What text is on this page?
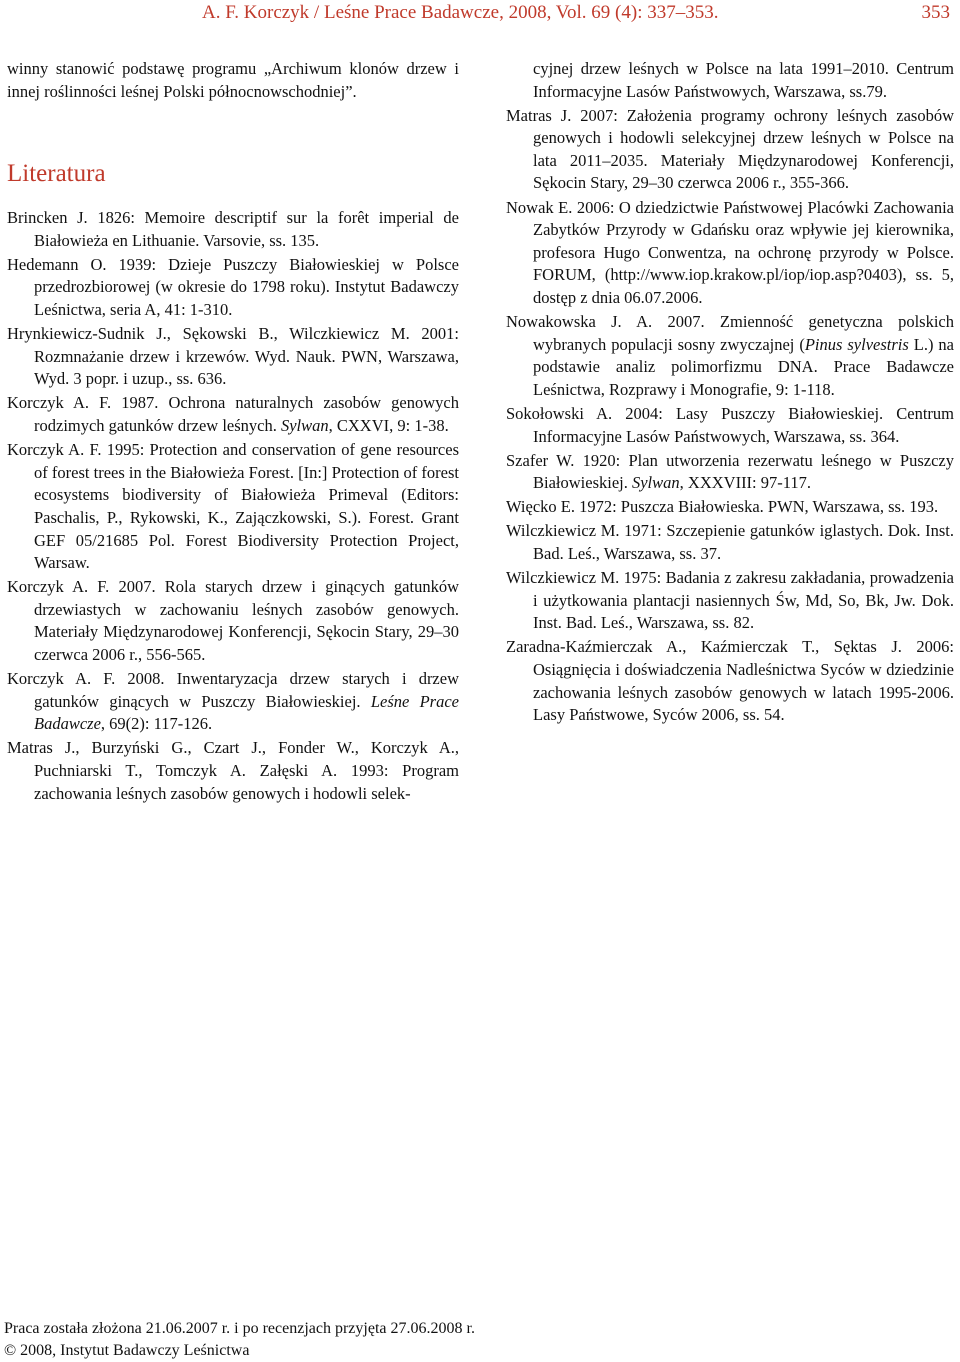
A. F. Korczyk / Leśne Prace Badawcze, 2008, Vol. 69 (4): 337–353.	353

winny stanowić podstawę programu „Archiwum klonów drzew i innej roślinności leśnej Polski północnowschodniej”.

Literatura

Brincken J. 1826: Memoire descriptif sur la forêt imperial de Białowieża en Lithuanie. Varsovie, ss. 135.

Hedemann O. 1939: Dzieje Puszczy Białowieskiej w Polsce przedrozbiorowej (w okresie do 1798 roku). Instytut Badawczy Leśnictwa, seria A, 41: 1-310.

Hrynkiewicz-Sudnik J., Sękowski B., Wilczkiewicz M. 2001: Rozmnażanie drzew i krzewów. Wyd. Nauk. PWN, Warszawa, Wyd. 3 popr. i uzup., ss. 636.

Korczyk A. F. 1987. Ochrona naturalnych zasobów genowych rodzimych gatunków drzew leśnych. Sylwan, CXXVI, 9: 1-38.

Korczyk A. F. 1995: Protection and conservation of gene resources of forest trees in the Białowieża Forest. [In:] Protection of forest ecosystems biodiversity of Białowieża Primeval (Editors: Paschalis, P., Rykowski, K., Zajączkowski, S.). Forest. Grant GEF 05/21685 Pol. Forest Biodiversity Protection Project, Warsaw.

Korczyk A. F. 2007. Rola starych drzew i ginących gatunków drzewiastych w zachowaniu leśnych zasobów genowych. Materiały Międzynarodowej Konferencji, Sękocin Stary, 29–30 czerwca 2006 r., 556-565.

Korczyk A. F. 2008. Inwentaryzacja drzew starych i drzew gatunków ginących w Puszczy Białowieskiej. Leśne Prace Badawcze, 69(2): 117-126.

Matras J., Burzyński G., Czart J., Fonder W., Korczyk A., Puchniarski T., Tomczyk A. Załęski A. 1993: Program zachowania leśnych zasobów genowych i hodowli selek-

cyjnej drzew leśnych w Polsce na lata 1991–2010. Centrum Informacyjne Lasów Państwowych, Warszawa, ss.79.

Matras J. 2007: Założenia programy ochrony leśnych zasobów genowych i hodowli selekcyjnej drzew leśnych w Polsce na lata 2011–2035. Materiały Międzynarodowej Konferencji, Sękocin Stary, 29–30 czerwca 2006 r., 355-366.

Nowak E. 2006: O dziedzictwie Państwowej Placówki Zachowania Zabytków Przyrody w Gdańsku oraz wpływie jej kierownika, profesora Hugo Conwentza, na ochronę przyrody w Polsce. FORUM, (http://www.iop.krakow.pl/iop/iop.asp?0403), ss. 5, dostęp z dnia 06.07.2006.

Nowakowska J. A. 2007. Zmienność genetyczna polskich wybranych populacji sosny zwyczajnej (Pinus sylvestris L.) na podstawie analiz polimorfizmu DNA. Prace Badawcze Leśnictwa, Rozprawy i Monografie, 9: 1-118.

Sokołowski A. 2004: Lasy Puszczy Białowieskiej. Centrum Informacyjne Lasów Państwowych, Warszawa, ss. 364.

Szafer W. 1920: Plan utworzenia rezerwatu leśnego w Puszczy Białowieskiej. Sylwan, XXXVIII: 97-117.

Więcko E. 1972: Puszcza Białowieska. PWN, Warszawa, ss. 193.

Wilczkiewicz M. 1971: Szczepienie gatunków iglastych. Dok. Inst. Bad. Leś., Warszawa, ss. 37.

Wilczkiewicz M. 1975: Badania z zakresu zakładania, prowadzenia i użytkowania plantacji nasiennych Św, Md, So, Bk, Jw. Dok. Inst. Bad. Leś., Warszawa, ss. 82.

Zaradna-Kaźmierczak A., Kaźmierczak T., Sęktas J. 2006: Osiągnięcia i doświadczenia Nadleśnictwa Syców w dziedzinie zachowania leśnych zasobów genowych w latach 1995-2006. Lasy Państwowe, Syców 2006, ss. 54.

Praca została złożona 21.06.2007 r. i po recenzjach przyjęta 27.06.2008 r.
© 2008, Instytut Badawczy Leśnictwa
